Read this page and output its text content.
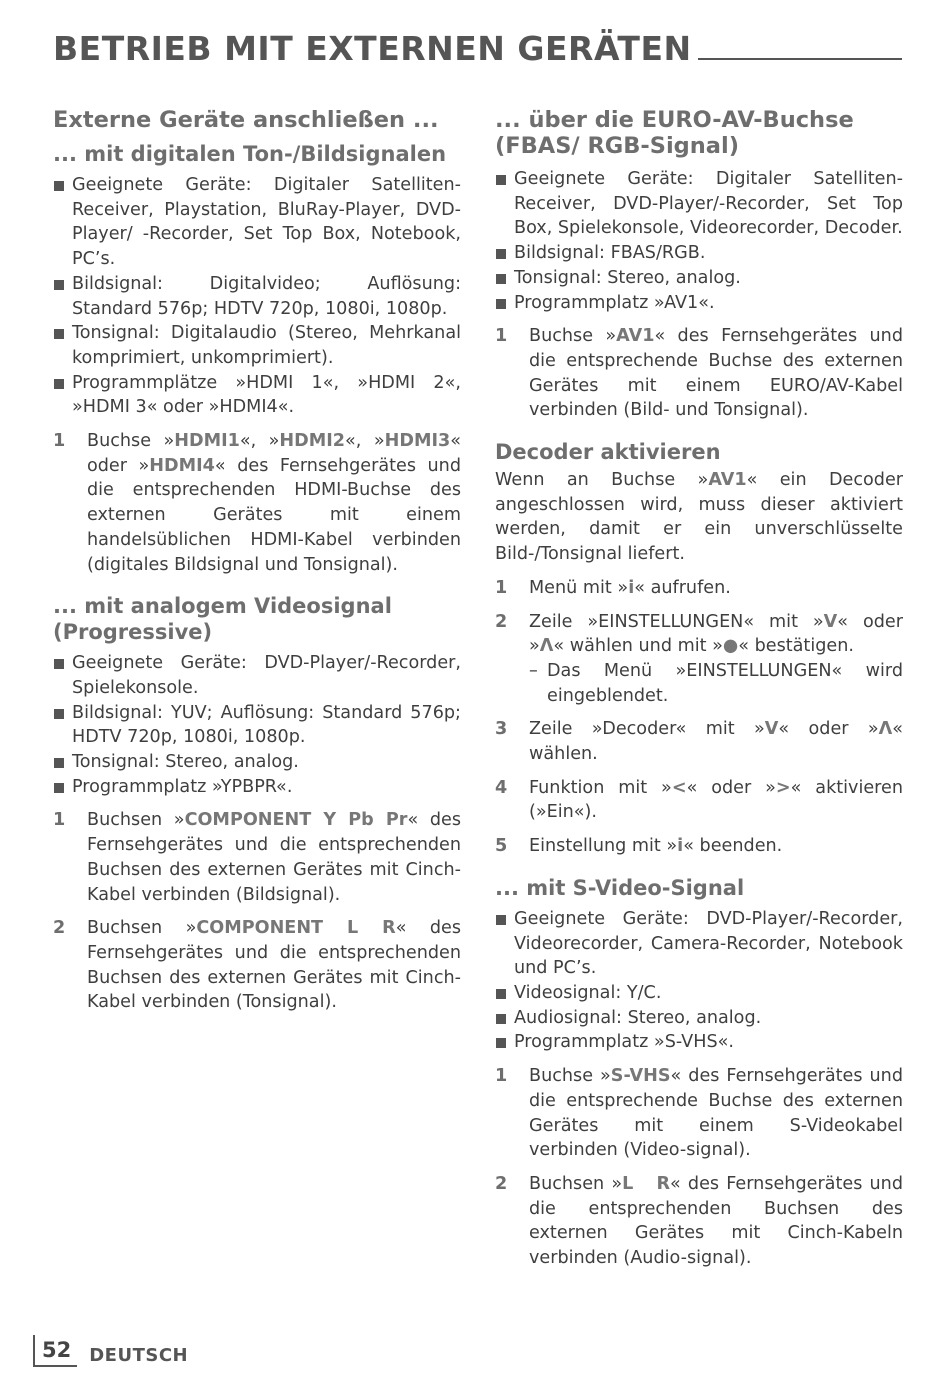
BETRIEB MIT EXTERNEN GERÄTEN
Externe Geräte anschließen ...
... mit digitalen Ton-/Bildsignalen
Geeignete Geräte: Digitaler Satelliten-Receiver, Playstation, BluRay-Player, DVD-Player/ -Recorder, Set Top Box, Notebook, PC’s.
Bildsignal: Digitalvideo; Auflösung: Standard 576p; HDTV 720p, 1080i, 1080p.
Tonsignal: Digitalaudio (Stereo, Mehrkanal komprimiert, unkomprimiert).
Programmplätze »HDMI 1«, »HDMI 2«, »HDMI 3« oder »HDMI4«.
1	Buchse »HDMI1«, »HDMI2«, »HDMI3« oder »HDMI4« des Fernsehgerätes und die entsprechenden HDMI-Buchse des externen Gerätes mit einem handelsüblichen HDMI-Kabel verbinden (digitales Bildsignal und Tonsignal).
... mit analogem Videosignal (Progressive)
Geeignete Geräte: DVD-Player/-Recorder, Spielekonsole.
Bildsignal: YUV; Auflösung: Standard 576p; HDTV 720p, 1080i, 1080p.
Tonsignal: Stereo, analog.
Programmplatz »YPBPR«.
1	Buchsen »COMPONENT Y Pb Pr« des Fernsehgerätes und die entsprechenden Buchsen des externen Gerätes mit Cinch-Kabel verbinden (Bildsignal).
2	Buchsen »COMPONENT L R« des Fernsehgerätes und die entsprechenden Buchsen des externen Gerätes mit Cinch-Kabel verbinden (Tonsignal).
... über die EURO-AV-Buchse (FBAS/ RGB-Signal)
Geeignete Geräte: Digitaler Satelliten-Receiver, DVD-Player/-Recorder, Set Top Box, Spielekonsole, Videorecorder, Decoder.
Bildsignal: FBAS/RGB.
Tonsignal: Stereo, analog.
Programmplatz »AV1«.
1	Buchse »AV1« des Fernsehgerätes und die entsprechende Buchse des externen Gerätes mit einem EURO/AV-Kabel verbinden (Bild- und Tonsignal).
Decoder aktivieren
Wenn an Buchse »AV1« ein Decoder angeschlossen wird, muss dieser aktiviert werden, damit er ein unverschlüsselte Bild-/Tonsignal liefert.
1	Menü mit »i« aufrufen.
2	Zeile »EINSTELLUNGEN« mit »V« oder »Λ« wählen und mit »●« bestätigen.
– Das Menü »EINSTELLUNGEN« wird eingeblendet.
3	Zeile »Decoder« mit »V« oder »Λ« wählen.
4	Funktion mit »<« oder »>« aktivieren (»Ein«).
5	Einstellung mit »i« beenden.
... mit S-Video-Signal
Geeignete Geräte: DVD-Player/-Recorder, Videorecorder, Camera-Recorder, Notebook und PC’s.
Videosignal: Y/C.
Audiosignal: Stereo, analog.
Programmplatz »S-VHS«.
1	Buchse »S-VHS« des Fernsehgerätes und die entsprechende Buchse des externen Gerätes mit einem S-Videokabel verbinden (Video-signal).
2	Buchsen »L   R« des Fernsehgerätes und die entsprechenden Buchsen des externen Gerätes mit Cinch-Kabeln verbinden (Audio-signal).
52	DEUTSCH
